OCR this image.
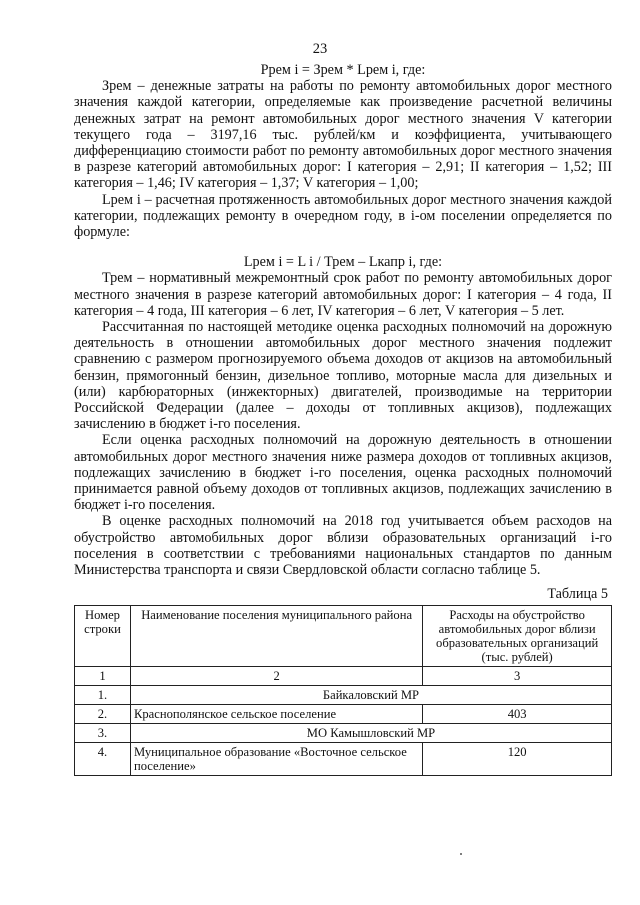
23
Ррем i = Зрем * Lрем i, где:

Зрем – денежные затраты на работы по ремонту автомобильных дорог местного значения каждой категории, определяемые как произведение расчетной величины денежных затрат на ремонт автомобильных дорог местного значения V категории текущего года – 3197,16 тыс. рублей/км и коэффициента, учитывающего дифференциацию стоимости работ по ремонту автомобильных дорог местного значения в разрезе категорий автомобильных дорог: I категория – 2,91; II категория – 1,52; III категория – 1,46; IV категория – 1,37; V категория – 1,00;

Lрем i – расчетная протяженность автомобильных дорог местного значения каждой категории, подлежащих ремонту в очередном году, в i-ом поселении определяется по формуле:

Lрем i = L i / Трем – Lкапр i, где:

Трем – нормативный межремонтный срок работ по ремонту автомобильных дорог местного значения в разрезе категорий автомобильных дорог: I категория – 4 года, II категория – 4 года, III категория – 6 лет, IV категория – 6 лет, V категория – 5 лет.

Рассчитанная по настоящей методике оценка расходных полномочий на дорожную деятельность в отношении автомобильных дорог местного значения подлежит сравнению с размером прогнозируемого объема доходов от акцизов на автомобильный бензин, прямогонный бензин, дизельное топливо, моторные масла для дизельных и (или) карбюраторных (инжекторных) двигателей, производимые на территории Российской Федерации (далее – доходы от топливных акцизов), подлежащих зачислению в бюджет i-го поселения.

Если оценка расходных полномочий на дорожную деятельность в отношении автомобильных дорог местного значения ниже размера доходов от топливных акцизов, подлежащих зачислению в бюджет i-го поселения, оценка расходных полномочий принимается равной объему доходов от топливных акцизов, подлежащих зачислению в бюджет i-го поселения.

В оценке расходных полномочий на 2018 год учитывается объем расходов на обустройство автомобильных дорог вблизи образовательных организаций i-го поселения в соответствии с требованиями национальных стандартов по данным Министерства транспорта и связи Свердловской области согласно таблице 5.

Таблица 5
Номер строки	Наименование поселения муниципального района	Расходы на обустройство автомобильных дорог вблизи образовательных организаций (тыс. рублей)
1	2	3
1.	Байкаловский МР	
2.	Краснополянское сельское поселение	403
3.	МО Камышловский МР	
4.	Муниципальное образование «Восточное сельское поселение»	120
